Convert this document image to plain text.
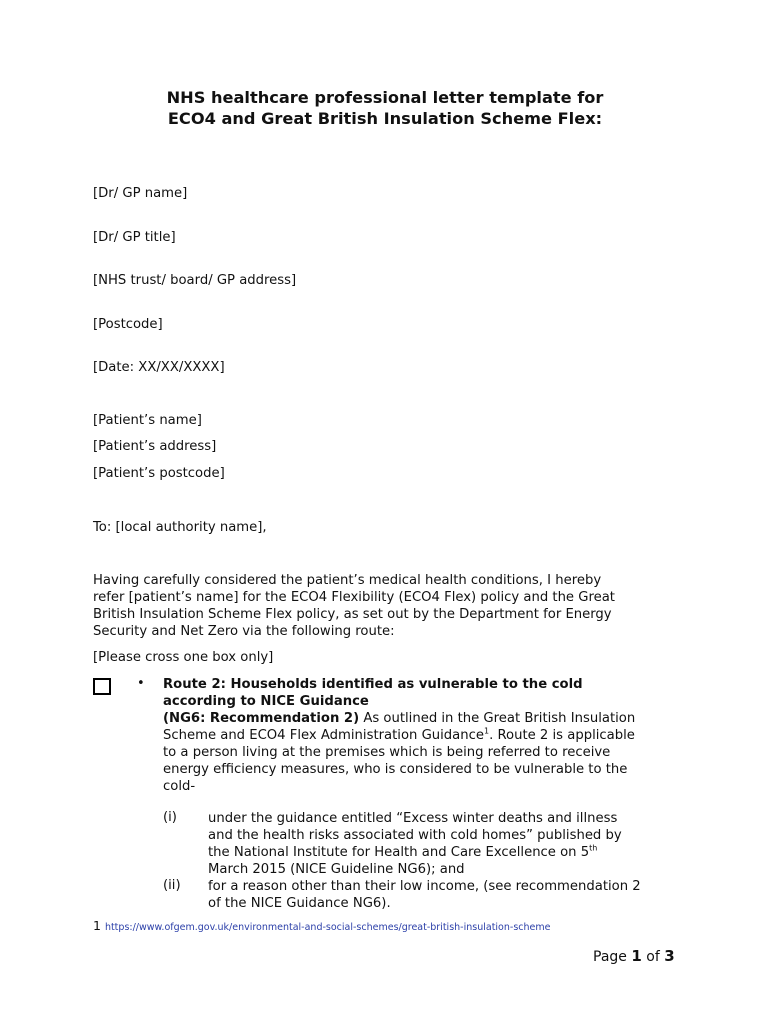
NHS healthcare professional letter template for
ECO4 and Great British Insulation Scheme Flex:
[Dr/ GP name]
[Dr/ GP title]
[NHS trust/ board/ GP address]
[Postcode]
[Date: XX/XX/XXXX]
[Patient’s name]
[Patient’s address]
[Patient’s postcode]
To: [local authority name],
Having carefully considered the patient’s medical health conditions, I hereby
refer [patient’s name] for the ECO4 Flexibility (ECO4 Flex) policy and the Great
British Insulation Scheme Flex policy, as set out by the Department for Energy
Security and Net Zero via the following route:
[Please cross one box only]
• Route 2: Households identified as vulnerable to the cold
according to NICE Guidance
(NG6: Recommendation 2) As outlined in the Great British Insulation
Scheme and ECO4 Flex Administration Guidance$^1$. Route 2 is applicable
to a person living at the premises which is being referred to receive
energy efficiency measures, who is considered to be vulnerable to the
cold-
(i) under the guidance entitled “Excess winter deaths and illness
and the health risks associated with cold homes” published by
the National Institute for Health and Care Excellence on 5th
March 2015 (NICE Guideline NG6); and
(ii) for a reason other than their low income, (see recommendation 2
of the NICE Guidance NG6).
1 https://www.ofgem.gov.uk/environmental-and-social-schemes/great-british-insulation-scheme
Page 1 of 3
